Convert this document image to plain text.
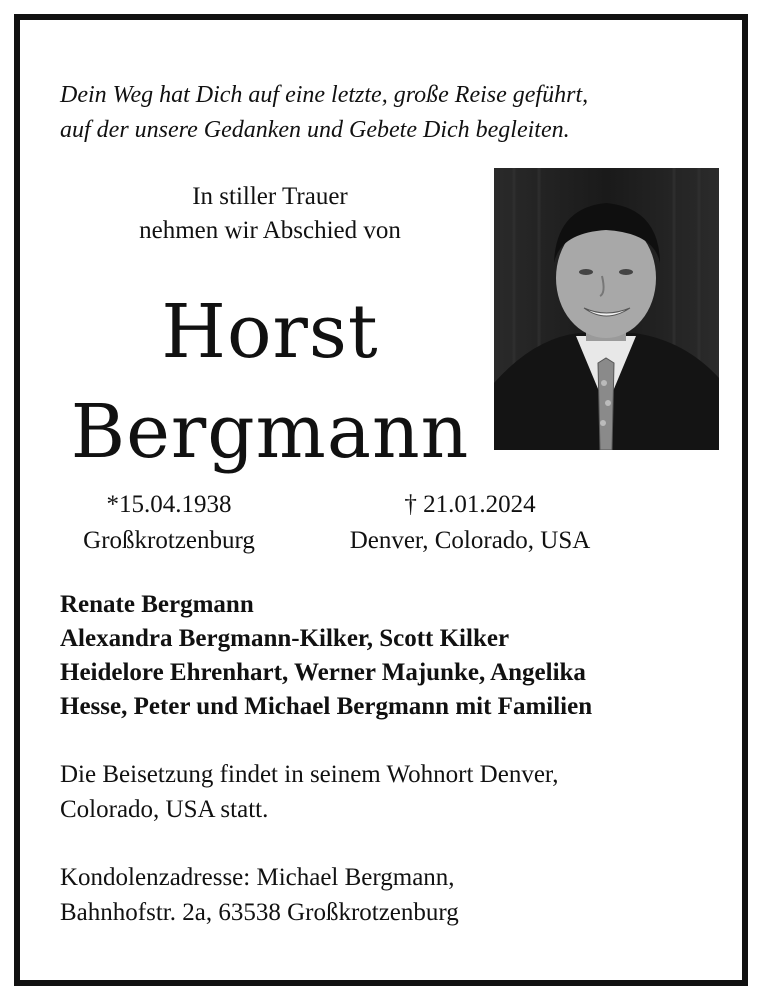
Dein Weg hat Dich auf eine letzte, große Reise geführt,
auf der unsere Gedanken und Gebete Dich begleiten.
In stiller Trauer
nehmen wir Abschied von
Horst
Bergmann
*15.04.1938
Großkrotzenburg
† 21.01.2024
Denver, Colorado, USA
Renate Bergmann
Alexandra Bergmann-Kilker, Scott Kilker
Heidelore Ehrenhart, Werner Majunke, Angelika
Hesse, Peter und Michael Bergmann mit Familien
Die Beisetzung findet in seinem Wohnort Denver,
Colorado, USA statt.
Kondolenzadresse: Michael Bergmann,
Bahnhofstr. 2a, 63538 Großkrotzenburg
